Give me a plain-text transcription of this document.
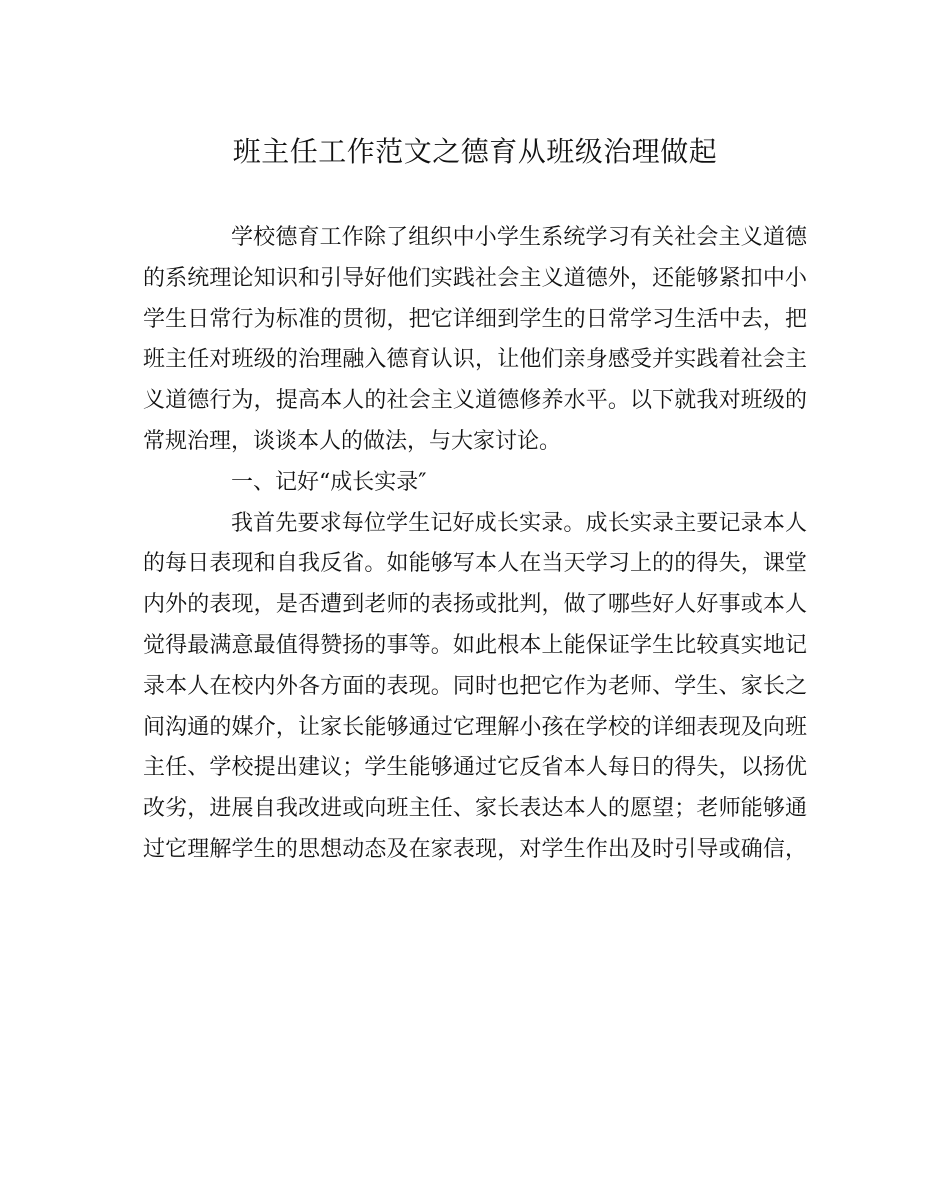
班主任工作范文之德育从班级治理做起
学校德育工作除了组织中小学生系统学习有关社会主义道德
的系统理论知识和引导好他们实践社会主义道德外，还能够紧扣中小
学生日常行为标准的贯彻，把它详细到学生的日常学习生活中去，把
班主任对班级的治理融入德育认识，让他们亲身感受并实践着社会主
义道德行为，提高本人的社会主义道德修养水平。以下就我对班级的
常规治理，谈谈本人的做法，与大家讨论。
一、记好“成长实录″
我首先要求每位学生记好成长实录。成长实录主要记录本人
的每日表现和自我反省。如能够写本人在当天学习上的的得失，课堂
内外的表现，是否遭到老师的表扬或批判，做了哪些好人好事或本人
觉得最满意最值得赞扬的事等。如此根本上能保证学生比较真实地记
录本人在校内外各方面的表现。同时也把它作为老师、学生、家长之
间沟通的媒介，让家长能够通过它理解小孩在学校的详细表现及向班
主任、学校提出建议；学生能够通过它反省本人每日的得失，以扬优
改劣，进展自我改进或向班主任、家长表达本人的愿望；老师能够通
过它理解学生的思想动态及在家表现，对学生作出及时引导或确信，
